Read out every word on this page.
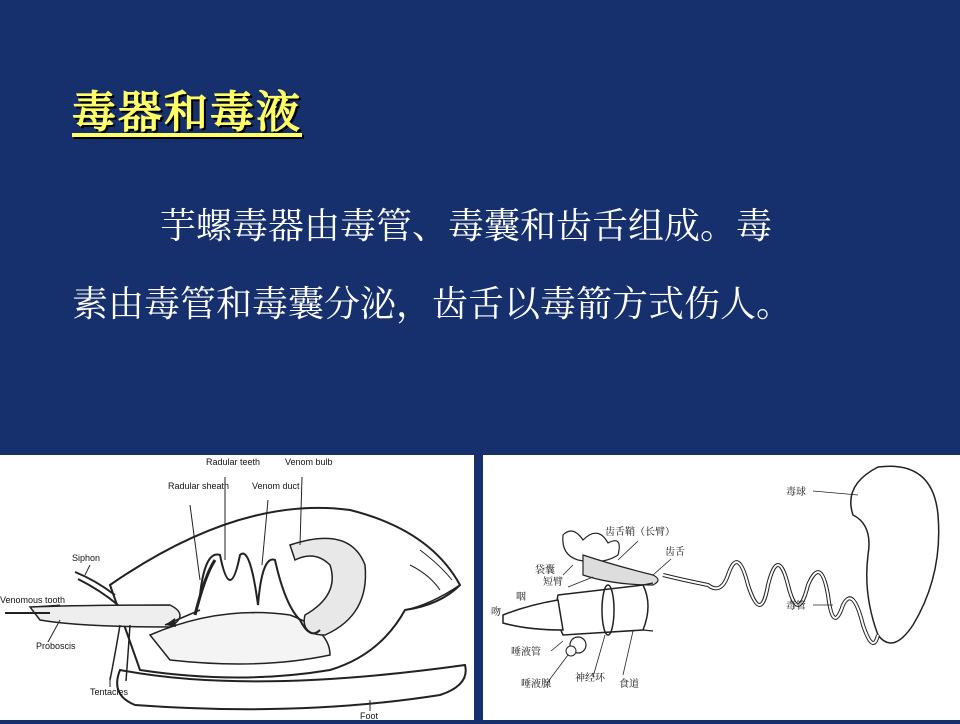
毒器和毒液
芋螺毒器由毒管、毒囊和齿舌组成。毒
素由毒管和毒囊分泌，齿舌以毒箭方式伤人。
Radular teeth	Venom bulb
Radular sheath	Venom duct
Siphon
Venomous tooth
Proboscis
Tentacles
Foot
毒球
齿舌鞘（长臂）
齿舌
袋囊
短臂
咽
吻
毒管
唾液管
唾液腺
神经环
食道
